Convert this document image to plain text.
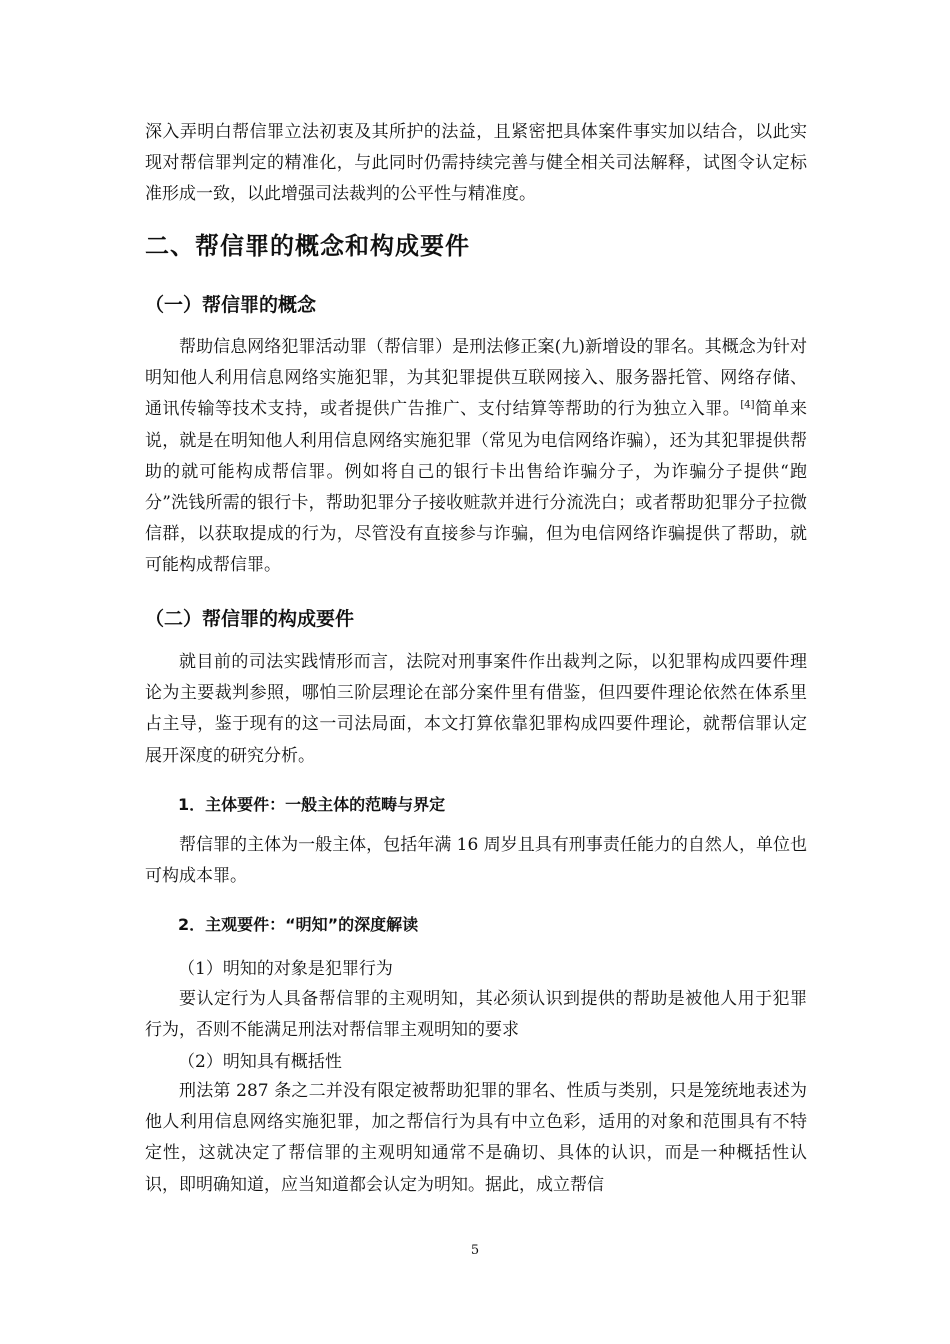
深入弄明白帮信罪立法初衷及其所护的法益，且紧密把具体案件事实加以结合，以此实现对帮信罪判定的精准化，与此同时仍需持续完善与健全相关司法解释，试图令认定标准形成一致，以此增强司法裁判的公平性与精准度。

二、帮信罪的概念和构成要件
（一）帮信罪的概念

帮助信息网络犯罪活动罪（帮信罪）是刑法修正案(九)新增设的罪名。其概念为针对明知他人利用信息网络实施犯罪，为其犯罪提供互联网接入、服务器托管、网络存储、通讯传输等技术支持，或者提供广告推广、支付结算等帮助的行为独立入罪。[4]简单来说，就是在明知他人利用信息网络实施犯罪（常见为电信网络诈骗），还为其犯罪提供帮助的就可能构成帮信罪。例如将自己的银行卡出售给诈骗分子，为诈骗分子提供“跑分”洗钱所需的银行卡，帮助犯罪分子接收赃款并进行分流洗白；或者帮助犯罪分子拉微信群，以获取提成的行为，尽管没有直接参与诈骗，但为电信网络诈骗提供了帮助，就可能构成帮信罪。

（二）帮信罪的构成要件

就目前的司法实践情形而言，法院对刑事案件作出裁判之际，以犯罪构成四要件理论为主要裁判参照，哪怕三阶层理论在部分案件里有借鉴，但四要件理论依然在体系里占主导，鉴于现有的这一司法局面，本文打算依靠犯罪构成四要件理论，就帮信罪认定展开深度的研究分析。

1．主体要件：一般主体的范畴与界定

帮信罪的主体为一般主体，包括年满 16 周岁且具有刑事责任能力的自然人，单位也可构成本罪。

2．主观要件：“明知”的深度解读

（1）明知的对象是犯罪行为

要认定行为人具备帮信罪的主观明知，其必须认识到提供的帮助是被他人用于犯罪行为，否则不能满足刑法对帮信罪主观明知的要求

（2）明知具有概括性

刑法第 287 条之二并没有限定被帮助犯罪的罪名、性质与类别，只是笼统地表述为他人利用信息网络实施犯罪，加之帮信行为具有中立色彩，适用的对象和范围具有不特定性，这就决定了帮信罪的主观明知通常不是确切、具体的认识，而是一种概括性认识，即明确知道，应当知道都会认定为明知。据此，成立帮信

5
